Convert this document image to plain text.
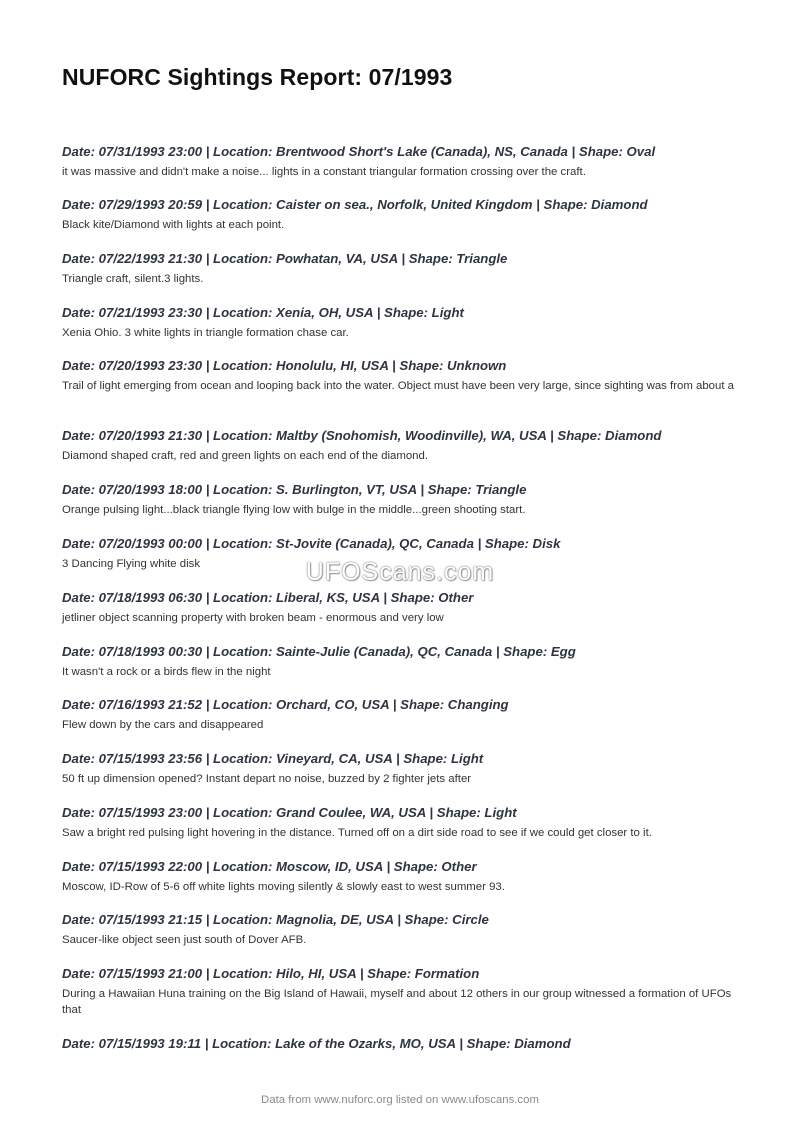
NUFORC Sightings Report: 07/1993
Date: 07/31/1993 23:00 | Location: Brentwood Short's Lake (Canada), NS, Canada | Shape: Oval
it was massive and didn't make a noise... lights in a constant triangular formation crossing over the craft.
Date: 07/29/1993 20:59 | Location: Caister on sea., Norfolk, United Kingdom | Shape: Diamond
Black kite/Diamond with lights at each point.
Date: 07/22/1993 21:30 | Location: Powhatan, VA, USA | Shape: Triangle
Triangle craft, silent.3 lights.
Date: 07/21/1993 23:30 | Location: Xenia, OH, USA | Shape: Light
Xenia Ohio. 3 white lights in triangle formation chase car.
Date: 07/20/1993 23:30 | Location: Honolulu, HI, USA | Shape: Unknown
Trail of light emerging from ocean and looping back into the water. Object must have been very large, since sighting was from about a
Date: 07/20/1993 21:30 | Location: Maltby (Snohomish, Woodinville), WA, USA | Shape: Diamond
Diamond shaped craft, red and green lights on each end of the diamond.
Date: 07/20/1993 18:00 | Location: S. Burlington, VT, USA | Shape: Triangle
Orange pulsing light...black triangle flying low with bulge in the middle...green shooting start.
Date: 07/20/1993 00:00 | Location: St-Jovite (Canada), QC, Canada | Shape: Disk
3 Dancing Flying white disk
Date: 07/18/1993 06:30 | Location: Liberal, KS, USA | Shape: Other
jetliner object scanning property with broken beam - enormous and very low
Date: 07/18/1993 00:30 | Location: Sainte-Julie (Canada), QC, Canada | Shape: Egg
It wasn't a rock or a birds flew in the night
Date: 07/16/1993 21:52 | Location: Orchard, CO, USA | Shape: Changing
Flew down by the cars and disappeared
Date: 07/15/1993 23:56 | Location: Vineyard, CA, USA | Shape: Light
50 ft up dimension opened? Instant depart no noise, buzzed by 2 fighter jets after
Date: 07/15/1993 23:00 | Location: Grand Coulee, WA, USA | Shape: Light
Saw a bright red pulsing light hovering in the distance. Turned off on a dirt side road to see if we could get closer to it.
Date: 07/15/1993 22:00 | Location: Moscow, ID, USA | Shape: Other
Moscow, ID-Row of 5-6 off white lights moving silently & slowly east to west summer 93.
Date: 07/15/1993 21:15 | Location: Magnolia, DE, USA | Shape: Circle
Saucer-like object seen just south of Dover AFB.
Date: 07/15/1993 21:00 | Location: Hilo, HI, USA | Shape: Formation
During a Hawaiian Huna training on the Big Island of Hawaii, myself and about 12 others in our group witnessed a formation of UFOs that
Date: 07/15/1993 19:11 | Location: Lake of the Ozarks, MO, USA | Shape: Diamond
UFOScans.com
Data from www.nuforc.org listed on www.ufoscans.com
